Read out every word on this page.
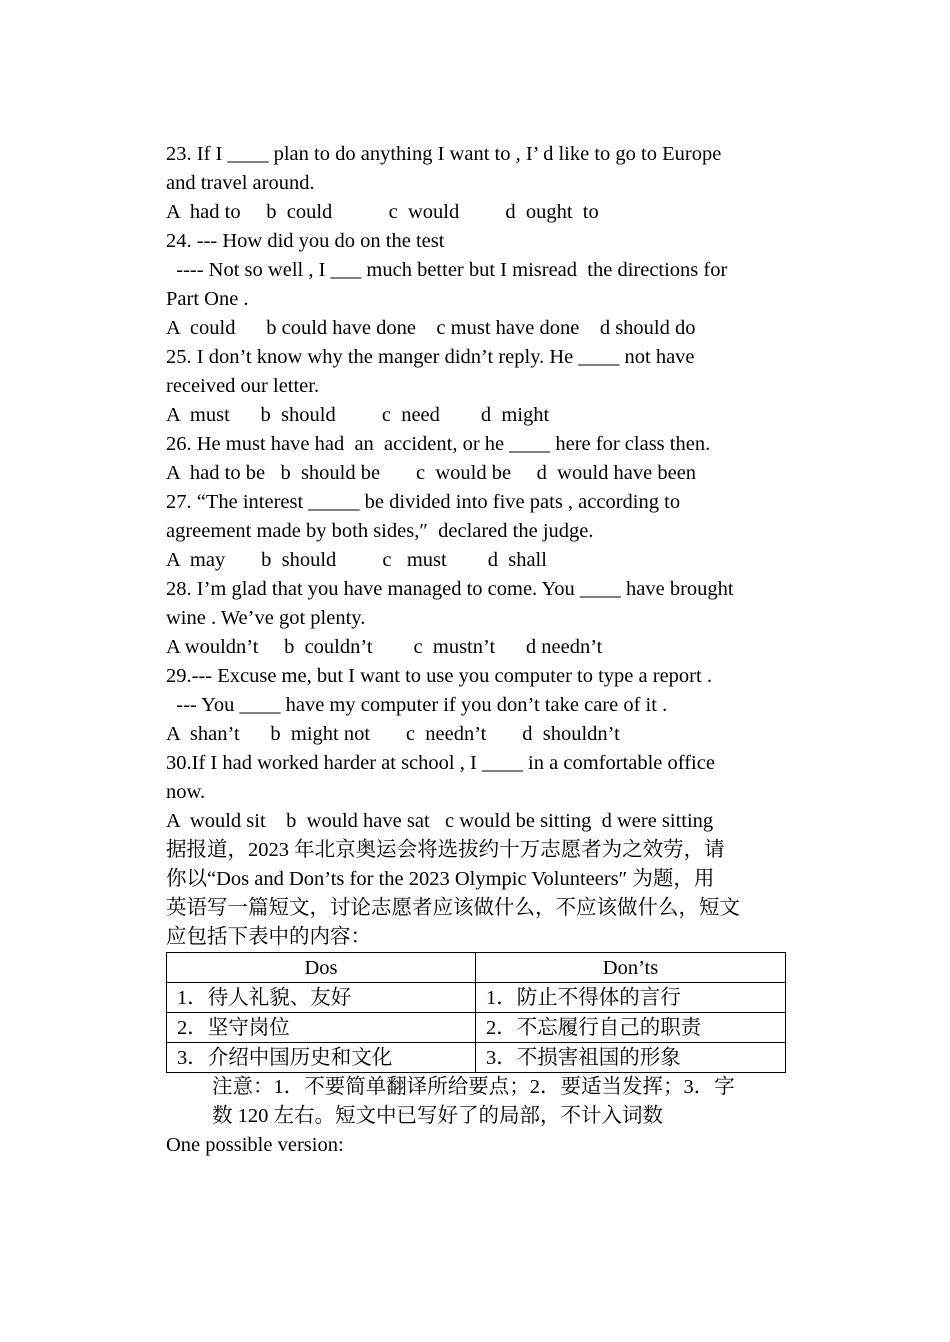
23. If I ____ plan to do anything I want to , I’ d like to go to Europe
and travel around.
A  had to     b  could           c  would         d  ought  to
24. --- How did you do on the test
---- Not so well , I ___ much better but I misread  the directions for
Part One .
A  could      b could have done    c must have done    d should do
25. I don’t know why the manger didn’t reply. He ____ not have
received our letter.
A  must      b  should         c  need        d  might
26. He must have had  an  accident, or he ____ here for class then.
A  had to be   b  should be       c  would be     d  would have been
27. “The interest _____ be divided into five pats , according to
agreement made by both sides,″  declared the judge.
A  may       b  should         c   must        d  shall
28. I’m glad that you have managed to come. You ____ have brought
wine . We’ve got plenty.
A wouldn’t     b  couldn’t        c  mustn’t      d needn’t
29.--- Excuse me, but I want to use you computer to type a report .
--- You ____ have my computer if you don’t take care of it .
A  shan’t      b  might not       c  needn’t       d  shouldn’t
30.If I had worked harder at school , I ____ in a comfortable office
now.
A  would sit    b  would have sat   c would be sitting  d were sitting
据报道，2023 年北京奥运会将选拔约十万志愿者为之效劳，请
你以“Dos and Don’ts for the 2023 Olympic Volunteers″ 为题，用
英语写一篇短文，讨论志愿者应该做什么，不应该做什么，短文
应包括下表中的内容：
Dos	Don’ts
1．待人礼貌、友好	1．防止不得体的言行
2．坚守岗位	2．不忘履行自己的职责
3．介绍中国历史和文化	3．不损害祖国的形象
注意：1．不要简单翻译所给要点；2．要适当发挥；3．字
数 120 左右。短文中已写好了的局部，不计入词数
One possible version:
